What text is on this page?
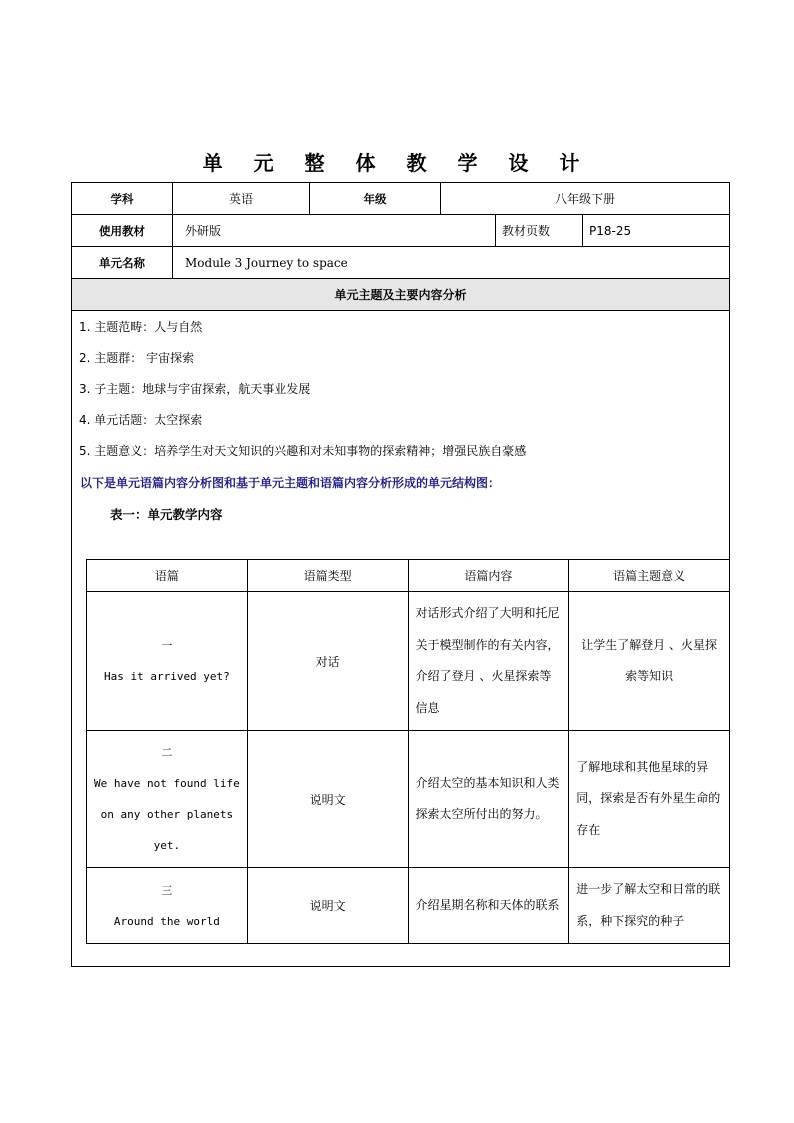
单 元 整 体 教 学 设 计
学科	英语	年级	八年级下册
使用教材	外研版	教材页数	P18-25
单元名称	Module 3 Journey to space
单元主题及主要内容分析
1. 主题范畴：人与自然
2. 主题群： 宇宙探索
3. 子主题：地球与宇宙探索，航天事业发展
4. 单元话题：太空探索
5. 主题意义：培养学生对天文知识的兴趣和对未知事物的探索精神；增强民族自豪感
以下是单元语篇内容分析图和基于单元主题和语篇内容分析形成的单元结构图：
表一：单元教学内容
语篇	语篇类型	语篇内容	语篇主题意义

一
Has it arrived yet?	对话	对话形式介绍了大明和托尼关于模型制作的有关内容，介绍了登月 、火星探索等信息	让学生了解登月 、火星探索等知识

二
We have not found life on any other planets yet.	说明文	介绍太空的基本知识和人类探索太空所付出的努力。	了解地球和其他星球的异同，探索是否有外星生命的存在

三
Around the world	说明文	介绍星期名称和天体的联系	进一步了解太空和日常的联系，种下探究的种子
